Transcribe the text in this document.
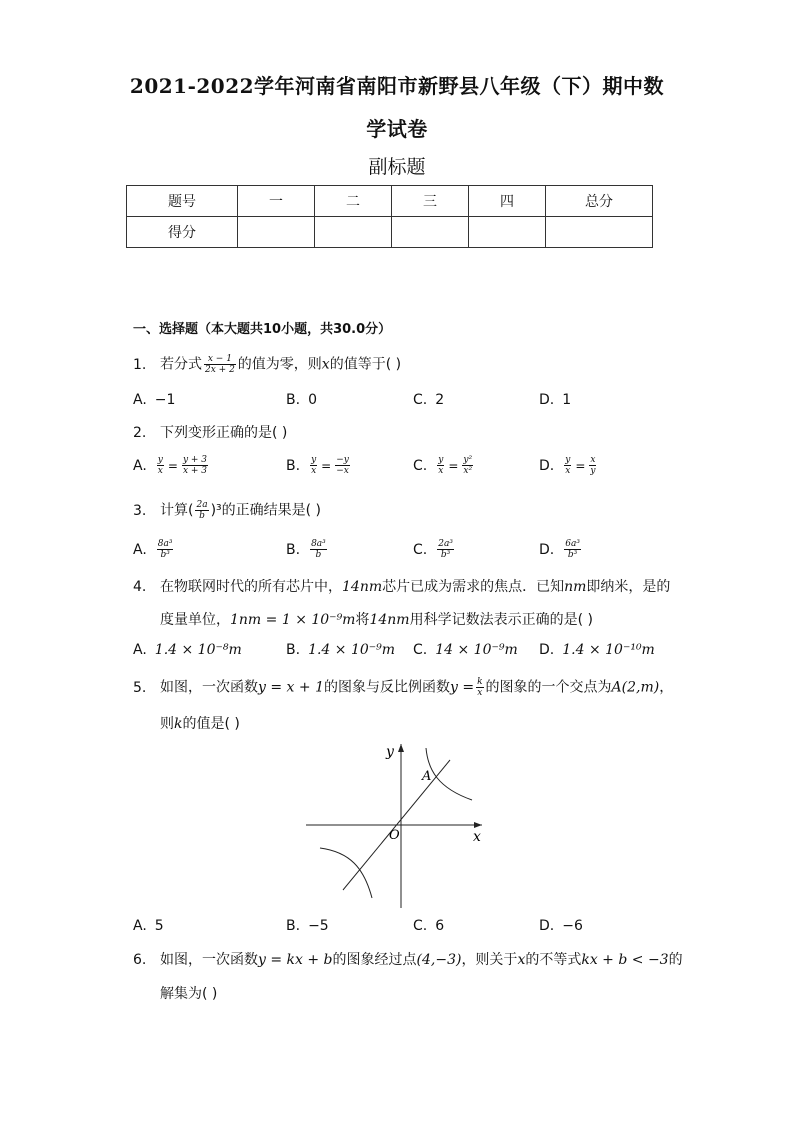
2021-2022学年河南省南阳市新野县八年级（下）期中数
学试卷
副标题
题号	一	二	三	四	总分
得分					
一、选择题（本大题共10小题，共30.0分）
1. 若分式 $\frac{x - 1}{2x + 2}$ 的值为零，则x的值等于( )
A. −1	B. 0	C. 2	D. 1
2. 下列变形正确的是( )
A. $\frac{y}{x} = \frac{y + 3}{x + 3}$	B. $\frac{y}{x} = \frac{-y}{-x}$	C. $\frac{y}{x} = \frac{\text{y²}}{\text{x²}}$	D. $\frac{y}{x} = \frac{x}{y}$
3. 计算( $\frac{2a}{b} )^3$的正确结果是( )
A. $\frac{\text{8a³}}{\text{b³}}$	B. $\frac{\text{8a³}}{b}$	C. $\frac{\text{2a³}}{\text{b³}}$	D. $\frac{\text{6a³}}{\text{b³}}$
4. 在物联网时代的所有芯片中，14nm芯片已成为需求的焦点．已知nm即纳米，是的
度量单位，1nm = 1 × 10⁻⁹m将14nm用科学记数法表示正确的是( )
A. 1.4 × 10⁻⁸m	B. 1.4 × 10⁻⁹m C. 14 × 10⁻⁹m D. 1.4 × 10⁻¹⁰m
5. 如图，一次函数y = x + 1的图象与反比例函数$y = \frac{k}{x}$ 的图象的一个交点为A(2,m)，
则k的值是( )
y
x
O
A
A. 5	B. −5	C. 6	D. −6
6. 如图，一次函数y = kx + b的图象经过点(4,−3)，则关于x的不等式kx + b < −3的
解集为( )
